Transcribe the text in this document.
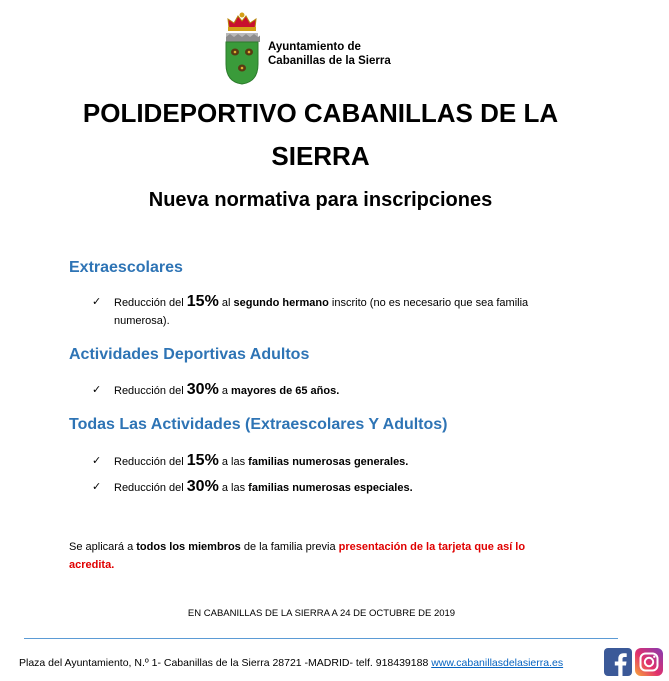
Ayuntamiento de
Cabanillas de la Sierra
POLIDEPORTIVO CABANILLAS DE LA SIERRA
Nueva normativa para inscripciones
Extraescolares
✓ Reducción del 15% al segundo hermano inscrito (no es necesario que sea familia numerosa).
Actividades Deportivas Adultos
✓ Reducción del 30% a mayores de 65 años.
Todas Las Actividades (Extraescolares Y Adultos)
✓ Reducción del 15% a las familias numerosas generales.
✓ Reducción del 30% a las familias numerosas especiales.
Se aplicará a todos los miembros de la familia previa presentación de la tarjeta que así lo acredita.
EN CABANILLAS DE LA SIERRA A 24 DE OCTUBRE DE 2019
Plaza del Ayuntamiento, N.º 1- Cabanillas de la Sierra 28721 -MADRID- telf. 918439188 www.cabanillasdelasierra.es
